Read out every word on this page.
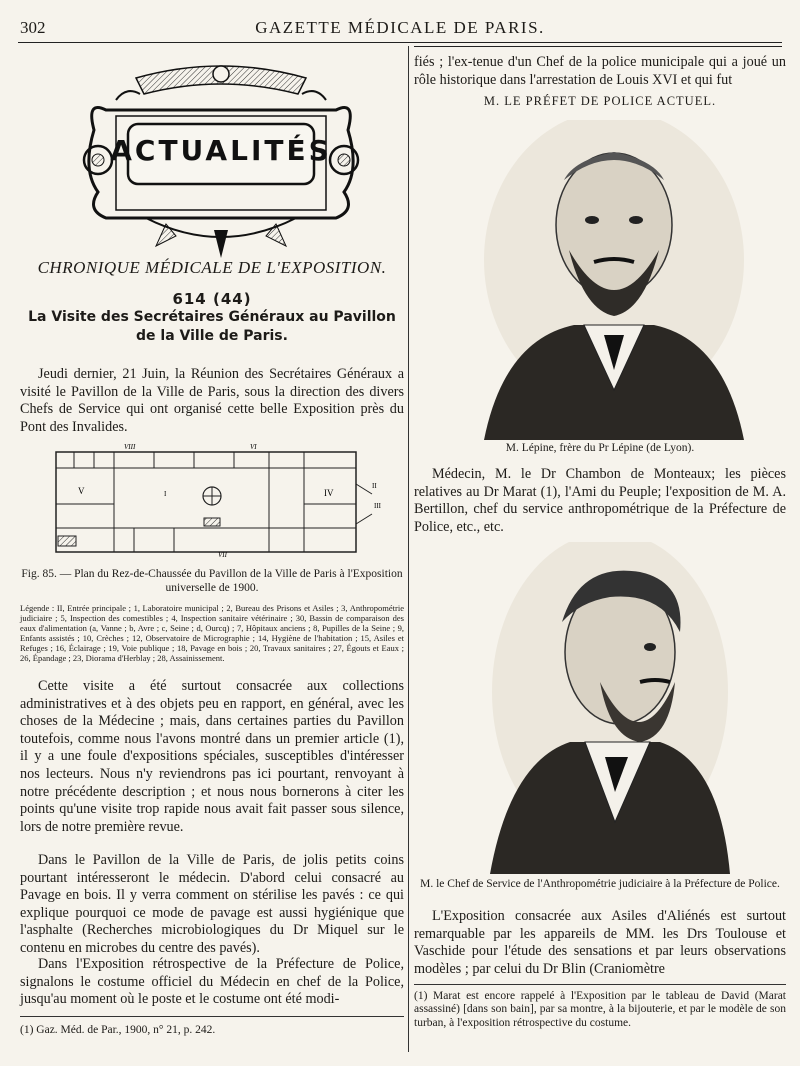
302	GAZETTE MÉDICALE DE PARIS.
ACTUALITÉS
CHRONIQUE MÉDICALE DE L'EXPOSITION.
614 (44)
La Visite des Secrétaires Généraux au Pavillon de la Ville de Paris.

Jeudi dernier, 21 Juin, la Réunion des Secrétaires Généraux a visité le Pavillon de la Ville de Paris, sous la direction des divers Chefs de Service qui ont organisé cette belle Exposition près du Pont des Invalides.

VIII	VI
V	I	IV
II
III
VII
Fig. 85. — Plan du Rez-de-Chaussée du Pavillon de la Ville de Paris à l'Exposition universelle de 1900.
Légende : II, Entrée principale ; 1, Laboratoire municipal ; 2, Bureau des Prisons et Asiles ; 3, Anthropométrie judiciaire ; 5, Inspection des comestibles ; 4, Inspection sanitaire vétérinaire ; 30, Bassin de comparaison des eaux d'alimentation (a, Vanne ; b, Avre ; c, Seine ; d, Ourcq) ; 7, Hôpitaux anciens ; 8, Pupilles de la Seine ; 9, Enfants assistés ; 10, Crèches ; 12, Observatoire de Micrographie ; 14, Hygiène de l'habitation ; 15, Asiles et Refuges ; 16, Éclairage ; 19, Voie publique ; 18, Pavage en bois ; 20, Travaux sanitaires ; 27, Égouts et Eaux ; 26, Épandage ; 23, Diorama d'Herblay ; 28, Assainissement.

Cette visite a été surtout consacrée aux collections administratives et à des objets peu en rapport, en général, avec les choses de la Médecine ; mais, dans certaines parties du Pavillon toutefois, comme nous l'avons montré dans un premier article (1), il y a une foule d'expositions spéciales, susceptibles d'intéresser nos lecteurs. Nous n'y reviendrons pas ici pourtant, renvoyant à notre précédente description ; et nous nous bornerons à citer les points qu'une visite trop rapide nous avait fait passer sous silence, lors de notre première revue.

Dans le Pavillon de la Ville de Paris, de jolis petits coins pourtant intéresseront le médecin. D'abord celui consacré au Pavage en bois. Il y verra comment on stérilise les pavés : ce qui explique pourquoi ce mode de pavage est aussi hygiénique que l'asphalte (Recherches microbiologiques du Dr Miquel sur le contenu en microbes du centre des pavés).

Dans l'Exposition rétrospective de la Préfecture de Police, signalons le costume officiel du Médecin en chef de la Police, jusqu'au moment où le poste et le costume ont été modi-

(1) Gaz. Méd. de Par., 1900, n° 21, p. 242.

fiés ; l'ex-tenue d'un Chef de la police municipale qui a joué un rôle historique dans l'arrestation de Louis XVI et qui fut

M. LE PRÉFET DE POLICE ACTUEL.
M. Lépine, frère du Pr Lépine (de Lyon).

Médecin, M. le Dr Chambon de Monteaux; les pièces relatives au Dr Marat (1), l'Ami du Peuple; l'exposition de M. A. Bertillon, chef du service anthropométrique de la Préfecture de Police, etc., etc.

M. le Chef de Service de l'Anthropométrie judiciaire à la Préfecture de Police.

L'Exposition consacrée aux Asiles d'Aliénés est surtout remarquable par les appareils de MM. les Drs Toulouse et Vaschide pour l'étude des sensations et par leurs observations modèles ; par celui du Dr Blin (Craniomètre

(1) Marat est encore rappelé à l'Exposition par le tableau de David (Marat assassiné) [dans son bain], par sa montre, à la bijouterie, et par le modèle de son turban, à l'exposition rétrospective du costume.
